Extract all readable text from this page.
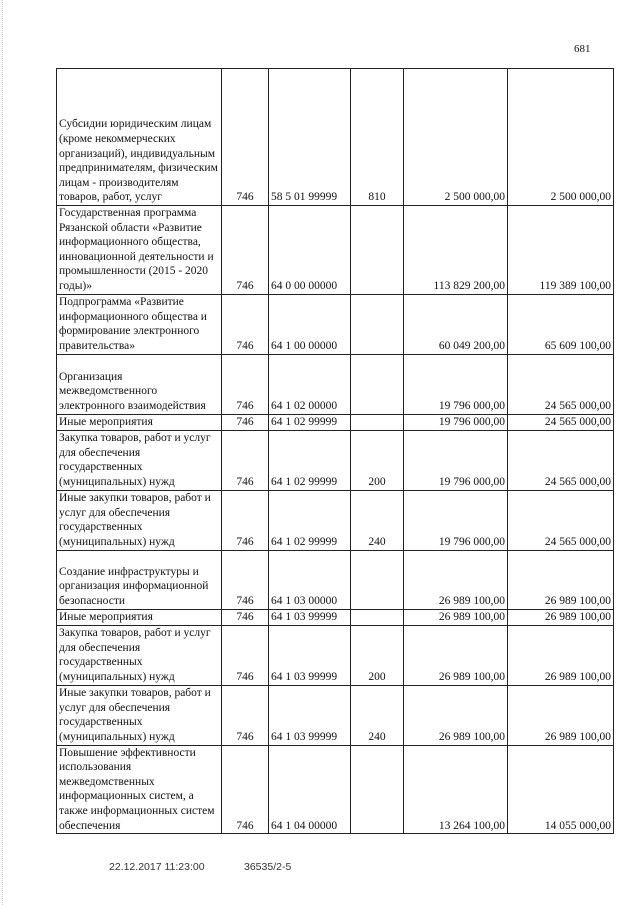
681
Субсидии юридическим лицам (кроме некоммерческих организаций), индивидуальным предпринимателям, физическим лицам - производителям товаров, работ, услуг	746	58 5 01 99999	810	2 500 000,00	2 500 000,00
Государственная программа Рязанской области «Развитие информационного общества, инновационной деятельности и промышленности (2015 - 2020 годы)»	746	64 0 00 00000		113 829 200,00	119 389 100,00
Подпрограмма «Развитие информационного общества и формирование электронного правительства»	746	64 1 00 00000		60 049 200,00	65 609 100,00
Организация межведомственного электронного взаимодействия	746	64 1 02 00000		19 796 000,00	24 565 000,00
Иные мероприятия	746	64 1 02 99999		19 796 000,00	24 565 000,00
Закупка товаров, работ и услуг для обеспечения государственных (муниципальных) нужд	746	64 1 02 99999	200	19 796 000,00	24 565 000,00
Иные закупки товаров, работ и услуг для обеспечения государственных (муниципальных) нужд	746	64 1 02 99999	240	19 796 000,00	24 565 000,00
Создание инфраструктуры и организация информационной безопасности	746	64 1 03 00000		26 989 100,00	26 989 100,00
Иные мероприятия	746	64 1 03 99999		26 989 100,00	26 989 100,00
Закупка товаров, работ и услуг для обеспечения государственных (муниципальных) нужд	746	64 1 03 99999	200	26 989 100,00	26 989 100,00
Иные закупки товаров, работ и услуг для обеспечения государственных (муниципальных) нужд	746	64 1 03 99999	240	26 989 100,00	26 989 100,00
Повышение эффективности использования межведомственных информационных систем, а также информационных систем обеспечения	746	64 1 04 00000		13 264 100,00	14 055 000,00
22.12.2017 11:23:00	36535/2-5
